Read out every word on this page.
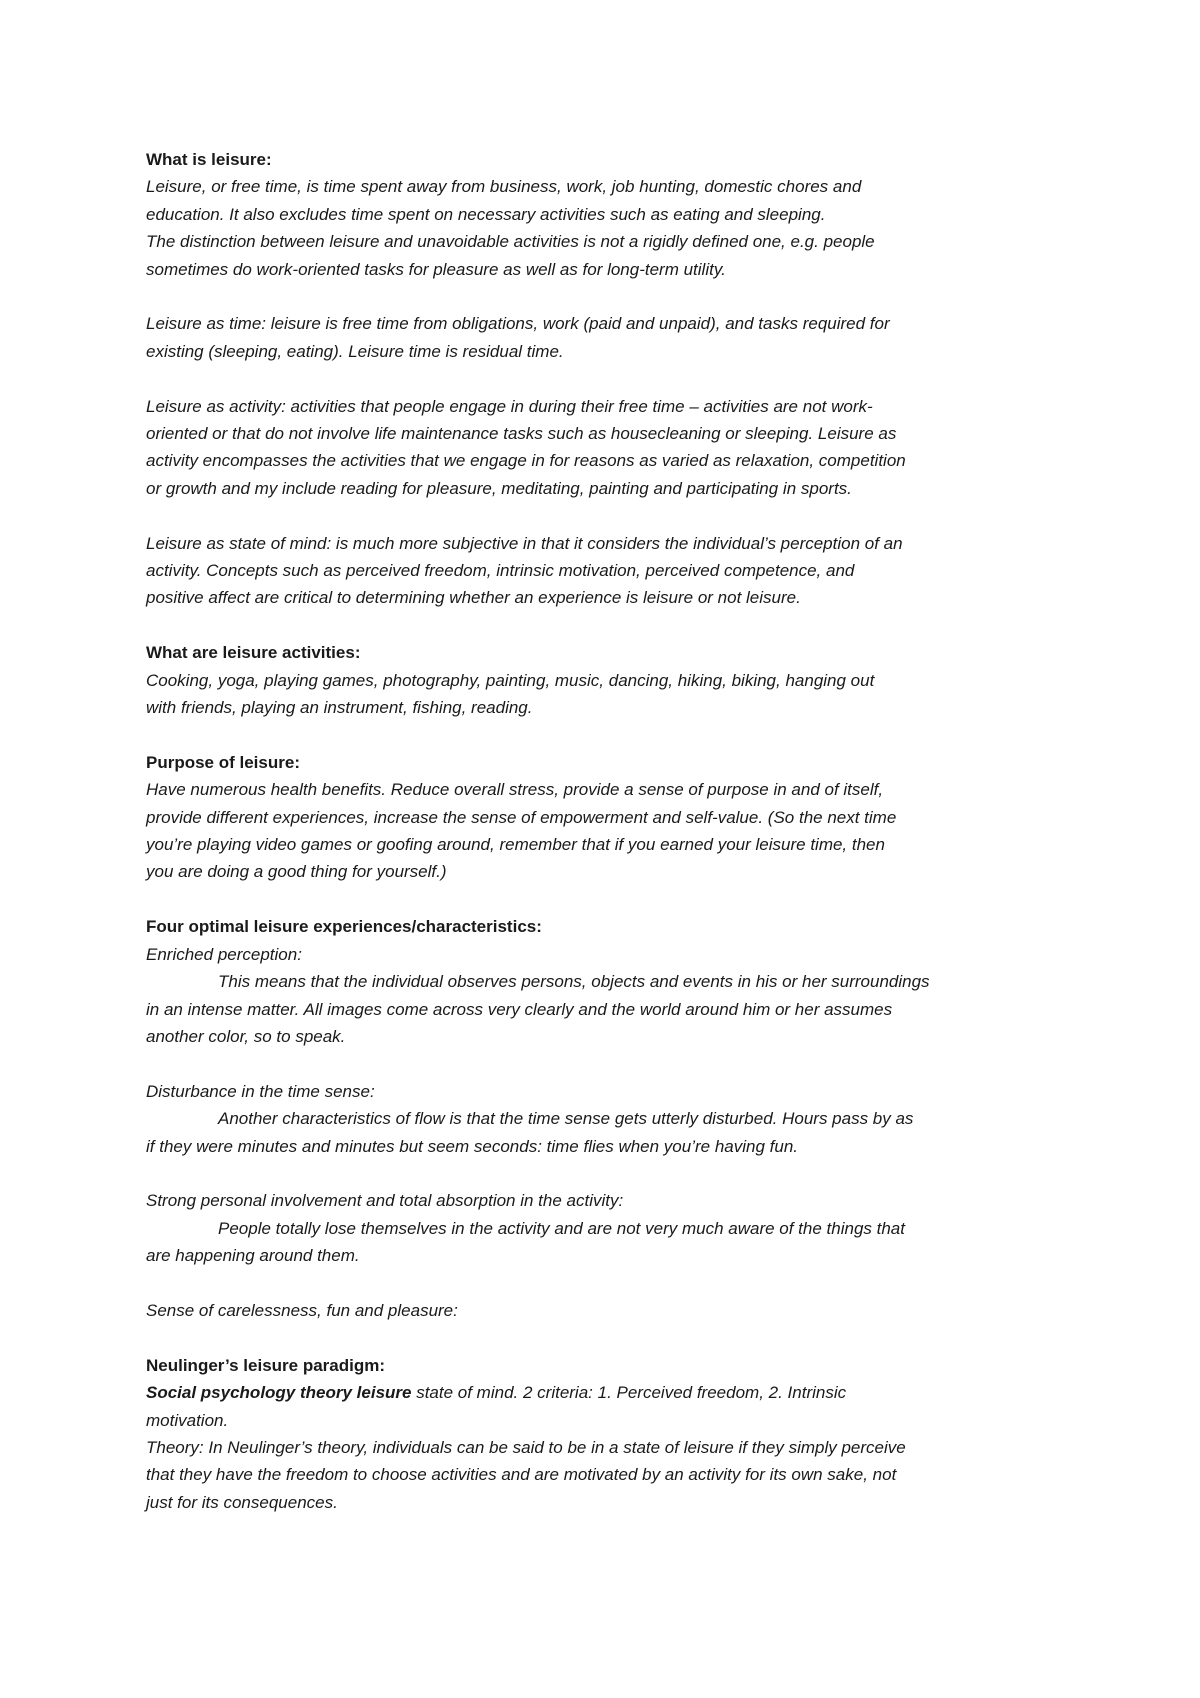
What is leisure:
Leisure, or free time, is time spent away from business, work, job hunting, domestic chores and
education. It also excludes time spent on necessary activities such as eating and sleeping.
The distinction between leisure and unavoidable activities is not a rigidly defined one, e.g. people
sometimes do work-oriented tasks for pleasure as well as for long-term utility.
Leisure as time: leisure is free time from obligations, work (paid and unpaid), and tasks required for
existing (sleeping, eating). Leisure time is residual time.
Leisure as activity: activities that people engage in during their free time – activities are not work-
oriented or that do not involve life maintenance tasks such as housecleaning or sleeping. Leisure as
activity encompasses the activities that we engage in for reasons as varied as relaxation, competition
or growth and my include reading for pleasure, meditating, painting and participating in sports.
Leisure as state of mind: is much more subjective in that it considers the individual’s perception of an
activity. Concepts such as perceived freedom, intrinsic motivation, perceived competence, and
positive affect are critical to determining whether an experience is leisure or not leisure.
What are leisure activities:
Cooking, yoga, playing games, photography, painting, music, dancing, hiking, biking, hanging out
with friends, playing an instrument, fishing, reading.
Purpose of leisure:
Have numerous health benefits. Reduce overall stress, provide a sense of purpose in and of itself,
provide different experiences, increase the sense of empowerment and self-value. (So the next time
you’re playing video games or goofing around, remember that if you earned your leisure time, then
you are doing a good thing for yourself.)
Four optimal leisure experiences/characteristics:
Enriched perception:
This means that the individual observes persons, objects and events in his or her surroundings
in an intense matter. All images come across very clearly and the world around him or her assumes
another color, so to speak.
Disturbance in the time sense:
Another characteristics of flow is that the time sense gets utterly disturbed. Hours pass by as
if they were minutes and minutes but seem seconds: time flies when you’re having fun.
Strong personal involvement and total absorption in the activity:
People totally lose themselves in the activity and are not very much aware of the things that
are happening around them.
Sense of carelessness, fun and pleasure:
Neulinger’s leisure paradigm:
Social psychology theory leisure state of mind. 2 criteria: 1. Perceived freedom, 2. Intrinsic
motivation.
Theory: In Neulinger’s theory, individuals can be said to be in a state of leisure if they simply perceive
that they have the freedom to choose activities and are motivated by an activity for its own sake, not
just for its consequences.
